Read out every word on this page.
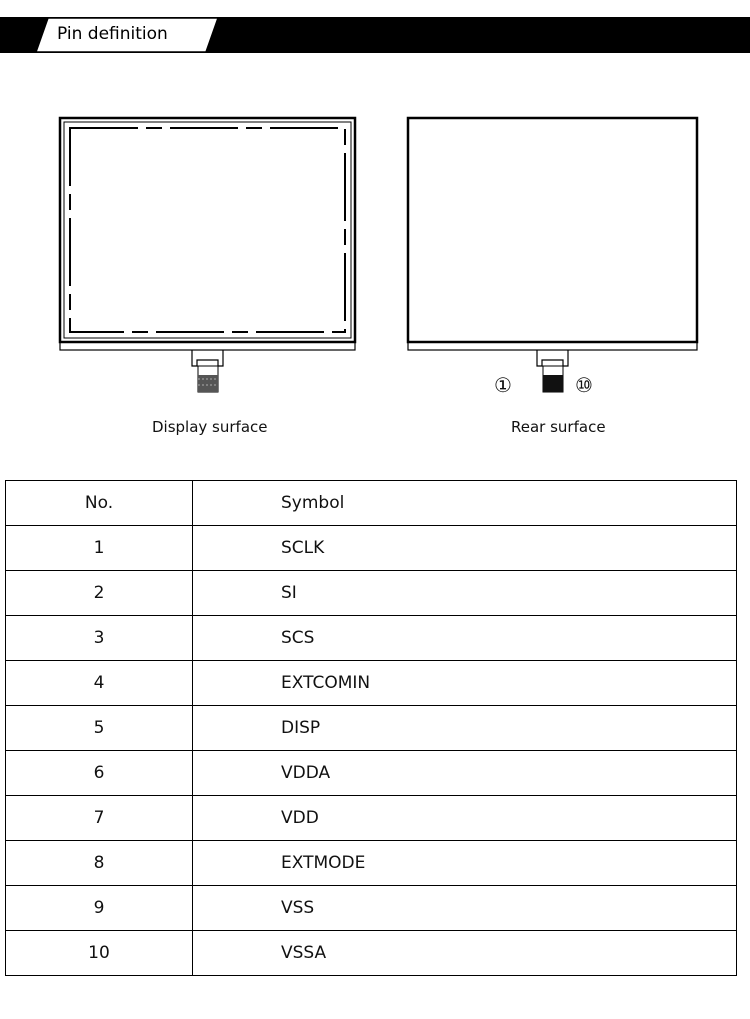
Pin definition
Display surface
①	⑩
Rear surface
No.	Symbol
1	SCLK
2	SI
3	SCS
4	EXTCOMIN
5	DISP
6	VDDA
7	VDD
8	EXTMODE
9	VSS
10	VSSA
